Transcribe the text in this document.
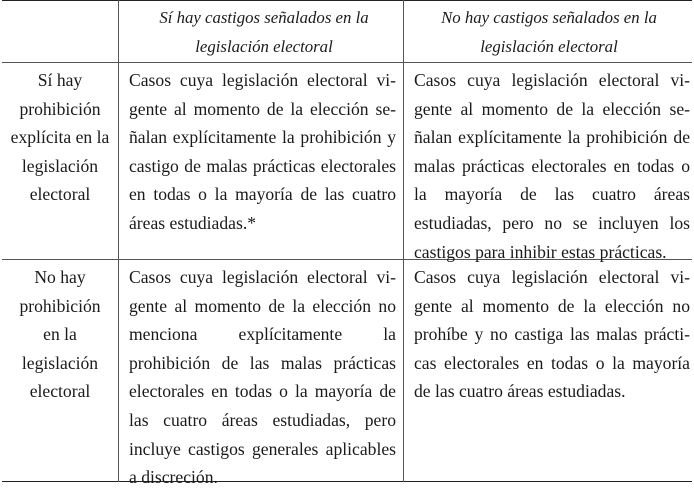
Sí hay castigos señalados en la legislación electoral
No hay castigos señalados en la legislación electoral
Sí hay prohibición explícita en la legislación electoral
Casos cuya legislación electoral vigente al momento de la elección señalan explícitamente la prohibición y castigo de malas prácticas electorales en todas o la mayoría de las cuatro áreas estudiadas.*
Casos cuya legislación electoral vigente al momento de la elección señalan explícitamente la prohibición de malas prácticas electorales en todas o la mayoría de las cuatro áreas estudiadas, pero no se incluyen los castigos para inhibir estas prácticas.
No hay prohibición en la legislación electoral
Casos cuya legislación electoral vigente al momento de la elección no menciona explícitamente la prohibición de las malas prácticas electorales en todas o la mayoría de las cuatro áreas estudiadas, pero incluye castigos generales aplicables a discreción.
Casos cuya legislación electoral vigente al momento de la elección no prohíbe y no castiga las malas prácticas electorales en todas o la mayoría de las cuatro áreas estudiadas.
